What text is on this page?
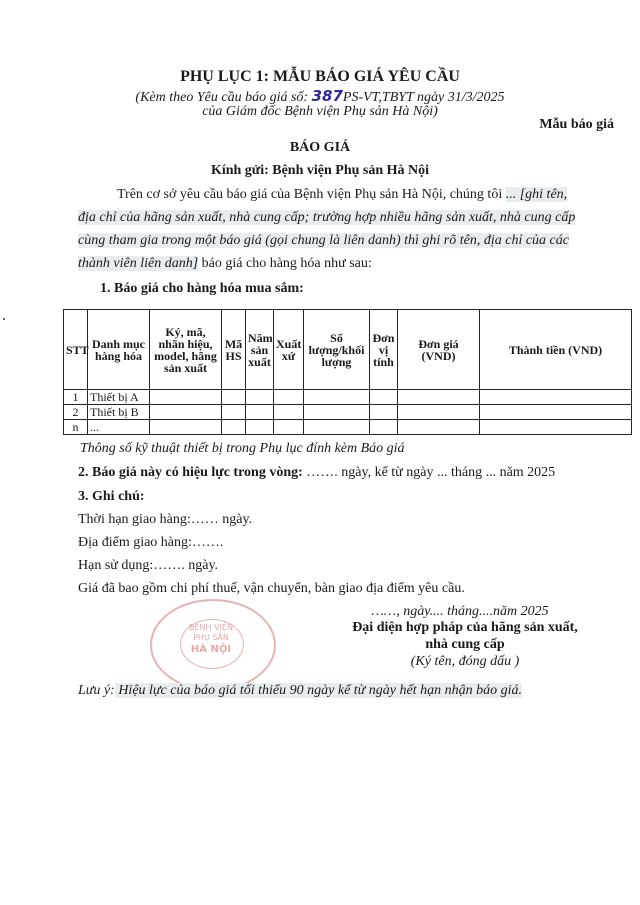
PHỤ LỤC 1: MẪU BÁO GIÁ YÊU CẦU
(Kèm theo Yêu cầu báo giá số: 387PS-VT,TBYT ngày 31/3/2025
của Giám đốc Bệnh viện Phụ sản Hà Nội)
Mẫu báo giá
BÁO GIÁ
Kính gửi: Bệnh viện Phụ sản Hà Nội
Trên cơ sở yêu cầu báo giá của Bệnh viện Phụ sản Hà Nội, chúng tôi ... [ghi tên,
địa chỉ của hãng sản xuất, nhà cung cấp; trường hợp nhiều hãng sản xuất, nhà cung cấp
cùng tham gia trong một báo giá (gọi chung là liên danh) thì ghi rõ tên, địa chỉ của các
thành viên liên danh] báo giá cho hàng hóa như sau:
1. Báo giá cho hàng hóa mua sắm:
STT	Danh mục hàng hóa	Ký, mã, nhãn hiệu, model, hãng sản xuất	Mã HS	Năm sản xuất	Xuất xứ	Số lượng/khối lượng	Đơn vị tính	Đơn giá (VND)	Thành tiền (VND)
1	Thiết bị A								
2	Thiết bị B								
n	...								
Thông số kỹ thuật thiết bị trong Phụ lục đính kèm Báo giá
2. Báo giá này có hiệu lực trong vòng: ……. ngày, kể từ ngày ... tháng ... năm 2025
3. Ghi chú:
Thời hạn giao hàng:…… ngày.
Địa điểm giao hàng:…….
Hạn sử dụng:……. ngày.
Giá đã bao gồm chi phí thuế, vận chuyển, bàn giao địa điểm yêu cầu.
BỆNH VIỆN
PHỤ SẢN
HÀ NỘI
……, ngày.... tháng....năm 2025
Đại diện hợp pháp của hãng sản xuất,
nhà cung cấp
(Ký tên, đóng dấu )
Lưu ý: Hiệu lực của báo giá tối thiểu 90 ngày kể từ ngày hết hạn nhận báo giá.
